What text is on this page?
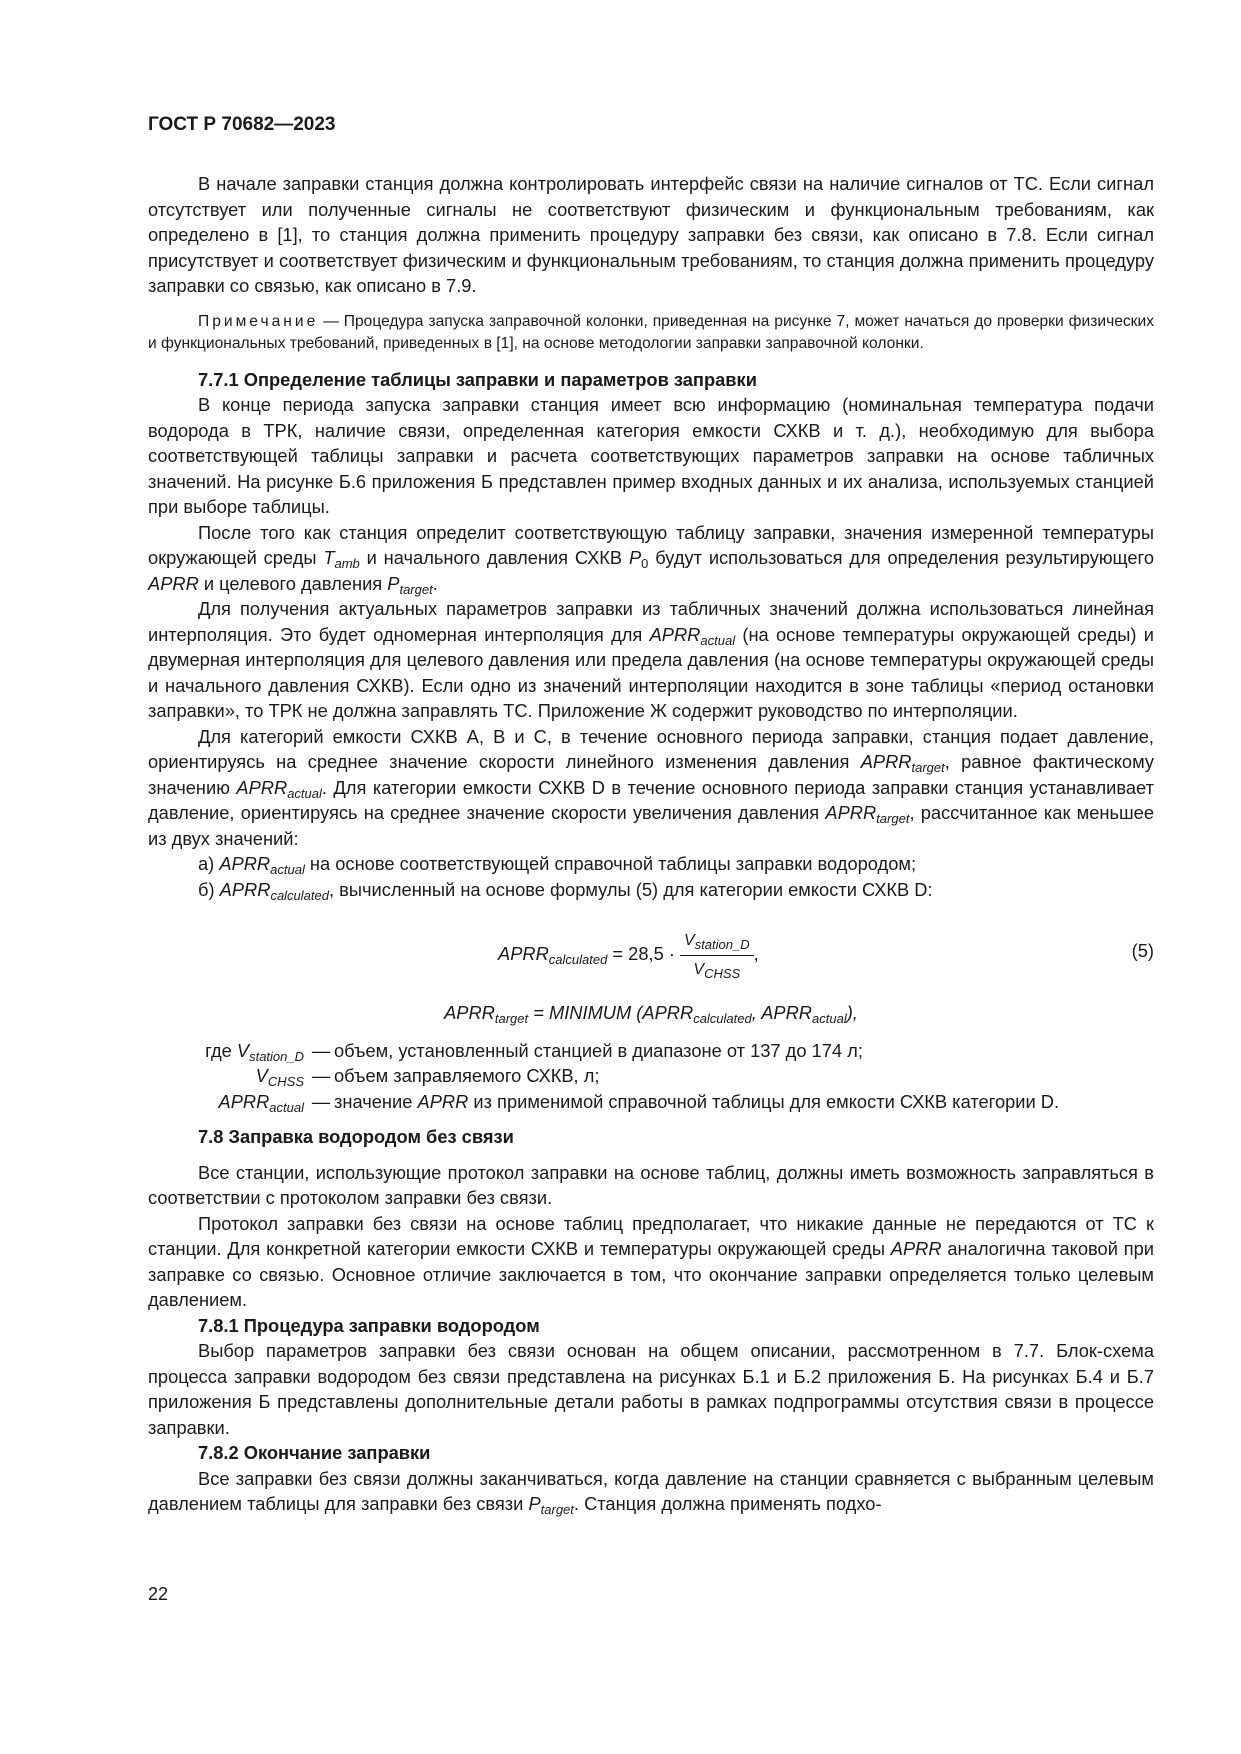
ГОСТ Р 70682—2023

В начале заправки станция должна контролировать интерфейс связи на наличие сигналов от ТС. Если сигнал отсутствует или полученные сигналы не соответствуют физическим и функциональным требованиям, как определено в [1], то станция должна применить процедуру заправки без связи, как описано в 7.8. Если сигнал присутствует и соответствует физическим и функциональным требованиям, то станция должна применить процедуру заправки со связью, как описано в 7.9.

Примечание — Процедура запуска заправочной колонки, приведенная на рисунке 7, может начаться до проверки физических и функциональных требований, приведенных в [1], на основе методологии заправки заправочной колонки.

7.7.1 Определение таблицы заправки и параметров заправки

В конце периода запуска заправки станция имеет всю информацию (номинальная температура подачи водорода в ТРК, наличие связи, определенная категория емкости СХКВ и т. д.), необходимую для выбора соответствующей таблицы заправки и расчета соответствующих параметров заправки на основе табличных значений. На рисунке Б.6 приложения Б представлен пример входных данных и их анализа, используемых станцией при выборе таблицы.

После того как станция определит соответствующую таблицу заправки, значения измеренной температуры окружающей среды $T_{amb}$ и начального давления СХКВ $P_0$ будут использоваться для определения результирующего APRR и целевого давления $P_{target}$.

Для получения актуальных параметров заправки из табличных значений должна использоваться линейная интерполяция. Это будет одномерная интерполяция для $APRR_{actual}$ (на основе температуры окружающей среды) и двумерная интерполяция для целевого давления или предела давления (на основе температуры окружающей среды и начального давления СХКВ). Если одно из значений интерполяции находится в зоне таблицы «период остановки заправки», то ТРК не должна заправлять ТС. Приложение Ж содержит руководство по интерполяции.

Для категорий емкости СХКВ А, В и С, в течение основного периода заправки, станция подает давление, ориентируясь на среднее значение скорости линейного изменения давления $APRR_{target}$, равное фактическому значению $APRR_{actual}$. Для категории емкости СХКВ D в течение основного периода заправки станция устанавливает давление, ориентируясь на среднее значение скорости увеличения давления $APRR_{target}$, рассчитанное как меньшее из двух значений:

а) $APRR_{actual}$ на основе соответствующей справочной таблицы заправки водородом;

б) $APRR_{calculated}$, вычисленный на основе формулы (5) для категории емкости СХКВ D:

$APRR_{calculated} = 28,5 \cdot \frac{V_{station\_D}}{V_{CHSS}}$ ,	(5)
$APRR_{target}$ = MINIMUM ($APRR_{calculated}$, $APRR_{actual}$),
где $V_{station\_D}$ — объем, установленный станцией в диапазоне от 137 до 174 л;
$V_{CHSS}$ — объем заправляемого СХКВ, л;
$APRR_{actual}$ — значение APRR из применимой справочной таблицы для емкости СХКВ категории D.
7.8 Заправка водородом без связи

Все станции, использующие протокол заправки на основе таблиц, должны иметь возможность заправляться в соответствии с протоколом заправки без связи.

Протокол заправки без связи на основе таблиц предполагает, что никакие данные не передаются от ТС к станции. Для конкретной категории емкости СХКВ и температуры окружающей среды APRR аналогична таковой при заправке со связью. Основное отличие заключается в том, что окончание заправки определяется только целевым давлением.

7.8.1 Процедура заправки водородом

Выбор параметров заправки без связи основан на общем описании, рассмотренном в 7.7. Блок-схема процесса заправки водородом без связи представлена на рисунках Б.1 и Б.2 приложения Б. На рисунках Б.4 и Б.7 приложения Б представлены дополнительные детали работы в рамках подпрограммы отсутствия связи в процессе заправки.

7.8.2 Окончание заправки

Все заправки без связи должны заканчиваться, когда давление на станции сравняется с выбранным целевым давлением таблицы для заправки без связи $P_{target}$. Станция должна применять подхо-

22
